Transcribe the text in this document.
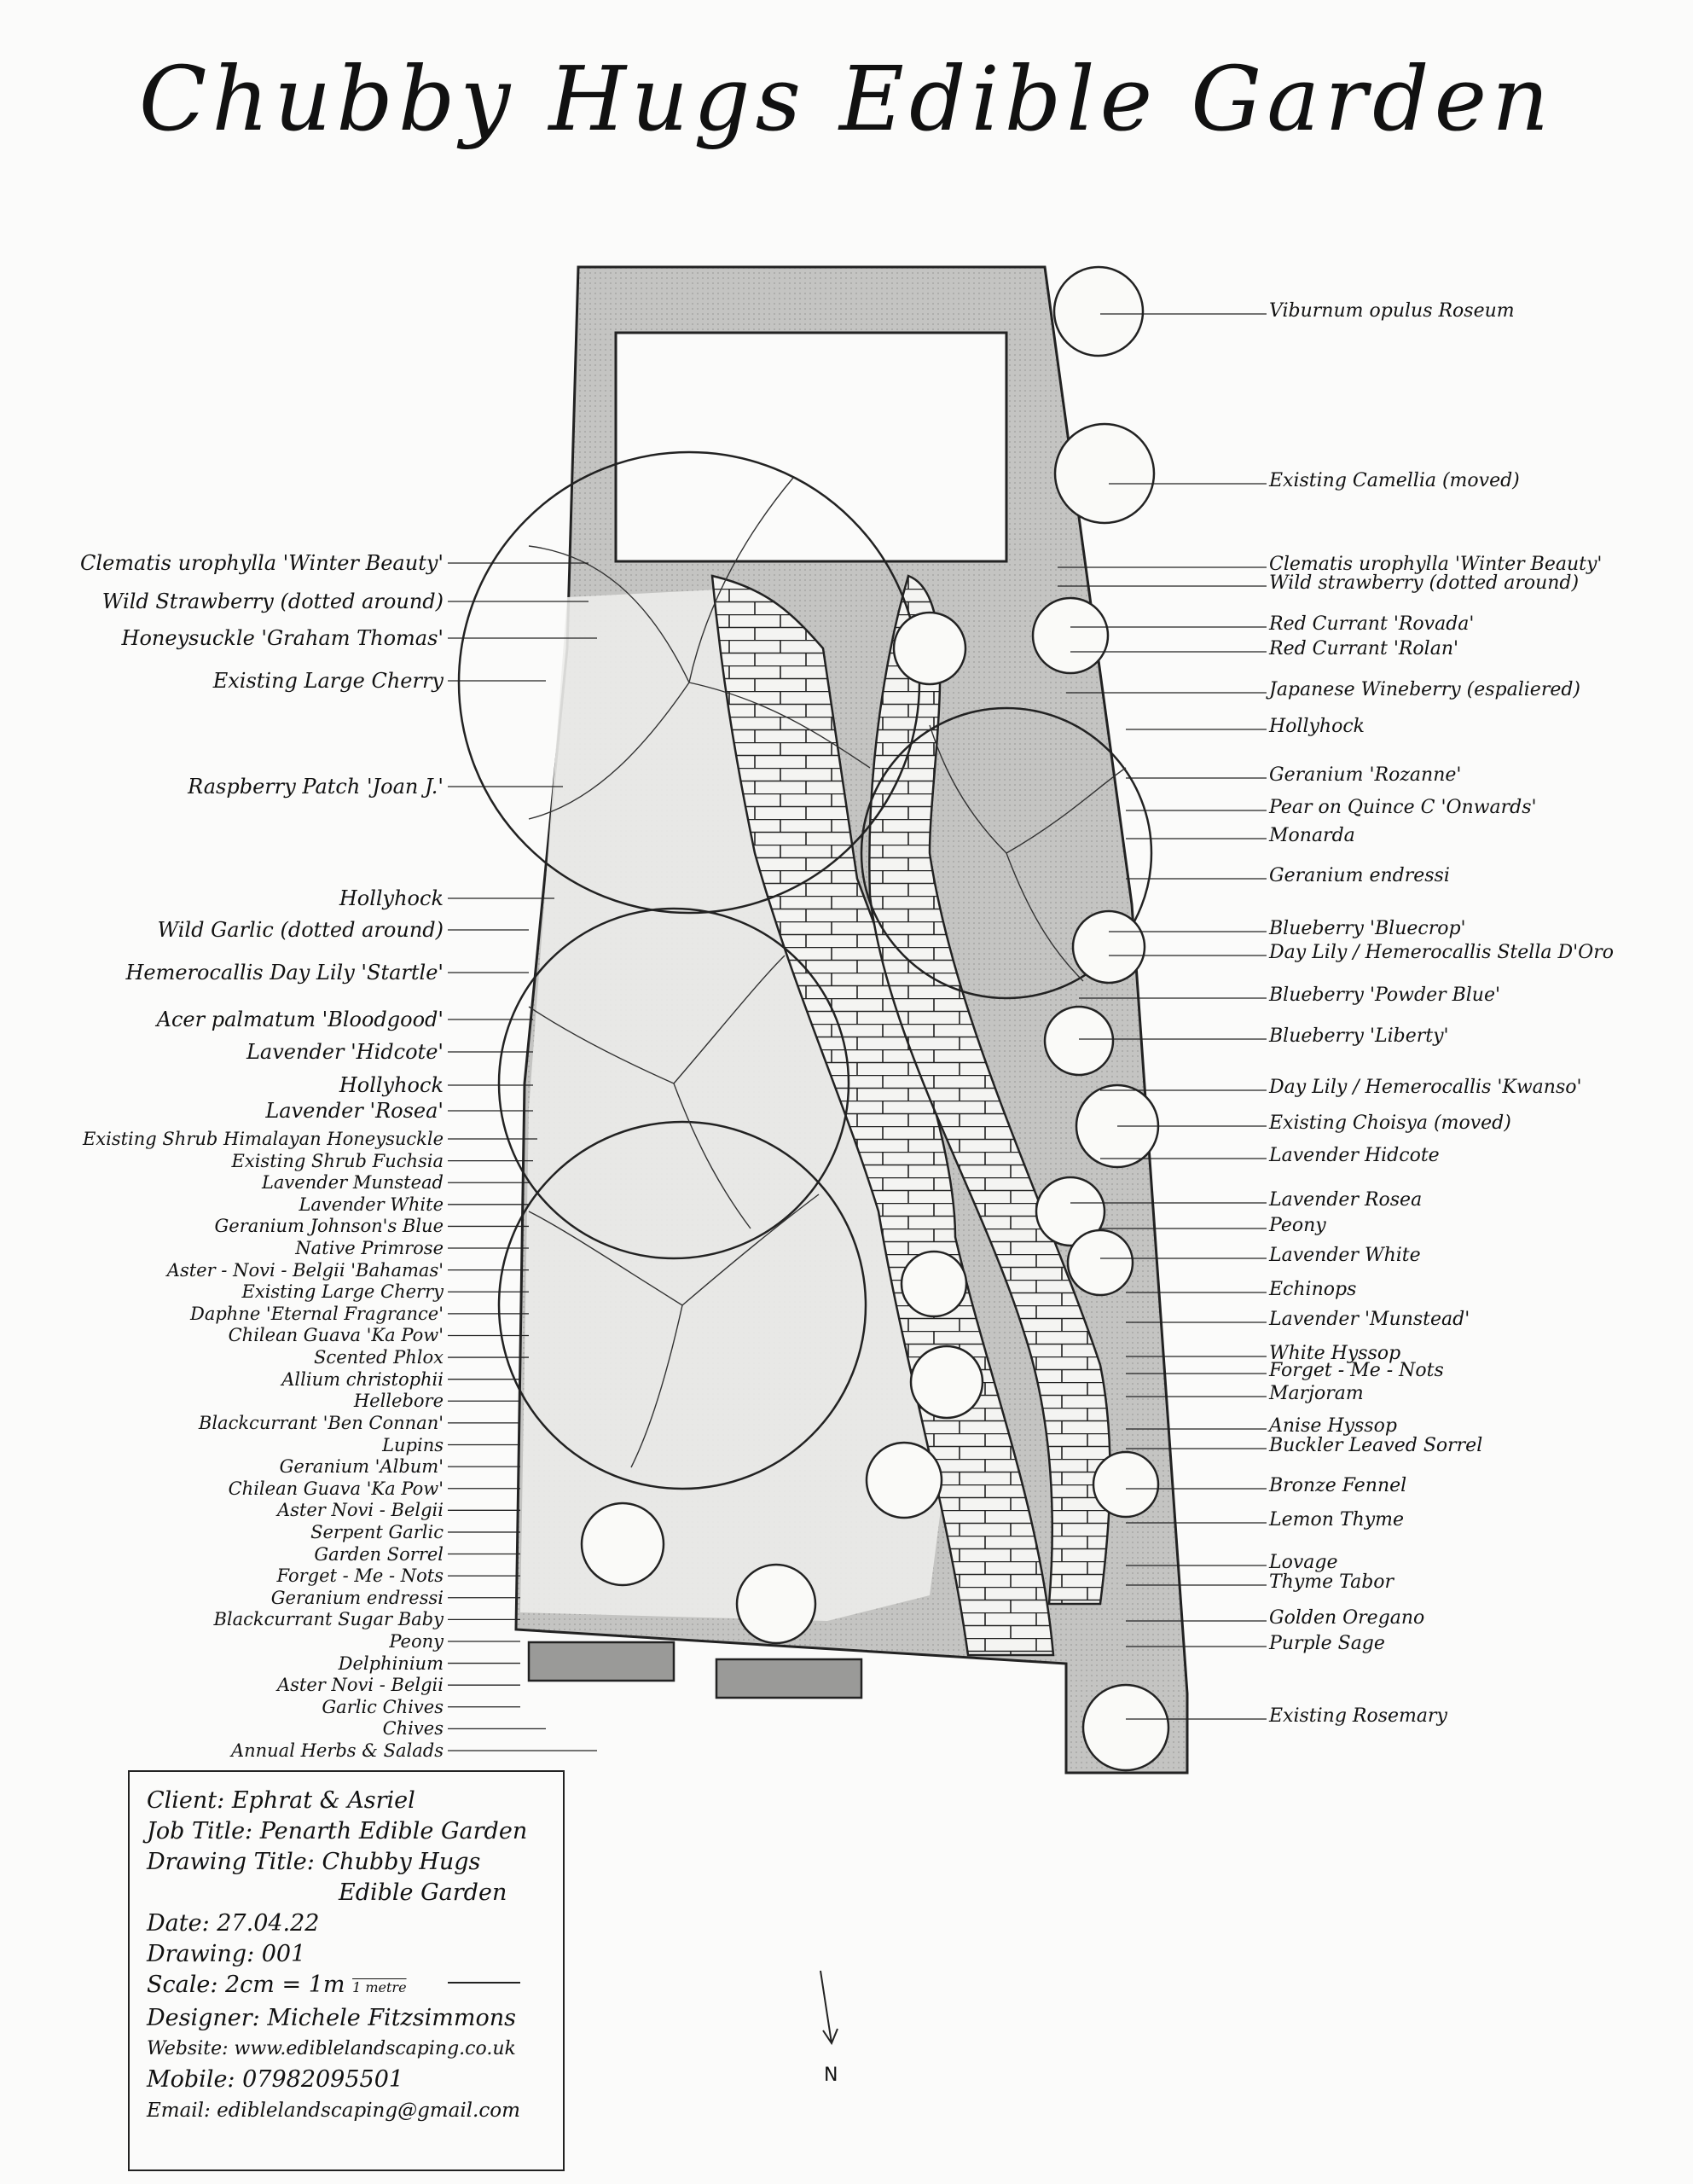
Chubby Hugs Edible Garden
Clematis urophylla 'Winter Beauty'
Wild Strawberry (dotted around)
Honeysuckle 'Graham Thomas'
Existing Large Cherry
Raspberry Patch 'Joan J.'
Hollyhock
Wild Garlic (dotted around)
Hemerocallis Day Lily 'Startle'
Acer palmatum 'Bloodgood'
Lavender 'Hidcote'
Hollyhock
Lavender 'Rosea'
Existing Shrub Himalayan Honeysuckle
Existing Shrub Fuchsia
Lavender Munstead
Lavender White
Geranium Johnson's Blue
Native Primrose
Aster - Novi - Belgii 'Bahamas'
Existing Large Cherry
Daphne 'Eternal Fragrance'
Chilean Guava 'Ka Pow'
Scented Phlox
Allium christophii
Hellebore
Blackcurrant 'Ben Connan'
Lupins
Geranium 'Album'
Chilean Guava 'Ka Pow'
Aster Novi - Belgii
Serpent Garlic
Garden Sorrel
Forget - Me - Nots
Geranium endressi
Blackcurrant Sugar Baby
Peony
Delphinium
Aster Novi - Belgii
Garlic Chives
Chives
Annual Herbs & Salads
Viburnum opulus Roseum
Existing Camellia (moved)
Clematis urophylla 'Winter Beauty'
Wild strawberry (dotted around)
Red Currant 'Rovada'
Red Currant 'Rolan'
Japanese Wineberry (espaliered)
Hollyhock
Geranium 'Rozanne'
Pear on Quince C 'Onwards'
Monarda
Geranium endressi
Blueberry 'Bluecrop'
Day Lily / Hemerocallis Stella D'Oro
Blueberry 'Powder Blue'
Blueberry 'Liberty'
Day Lily / Hemerocallis 'Kwanso'
Existing Choisya (moved)
Lavender Hidcote
Lavender Rosea
Peony
Lavender White
Echinops
Lavender 'Munstead'
White Hyssop
Forget - Me - Nots
Marjoram
Anise Hyssop
Buckler Leaved Sorrel
Bronze Fennel
Lemon Thyme
Lovage
Thyme Tabor
Golden Oregano
Purple Sage
Existing Rosemary
Client: Ephrat & Asriel
Job Title: Penarth Edible Garden
Drawing Title: Chubby Hugs
Edible Garden
Date: 27.04.22
Drawing: 001
Scale: 2cm = 1m 1 metre
Designer: Michele Fitzsimmons
Website: www.ediblelandscaping.co.uk
Mobile: 07982095501
Email: ediblelandscaping@gmail.com
N
